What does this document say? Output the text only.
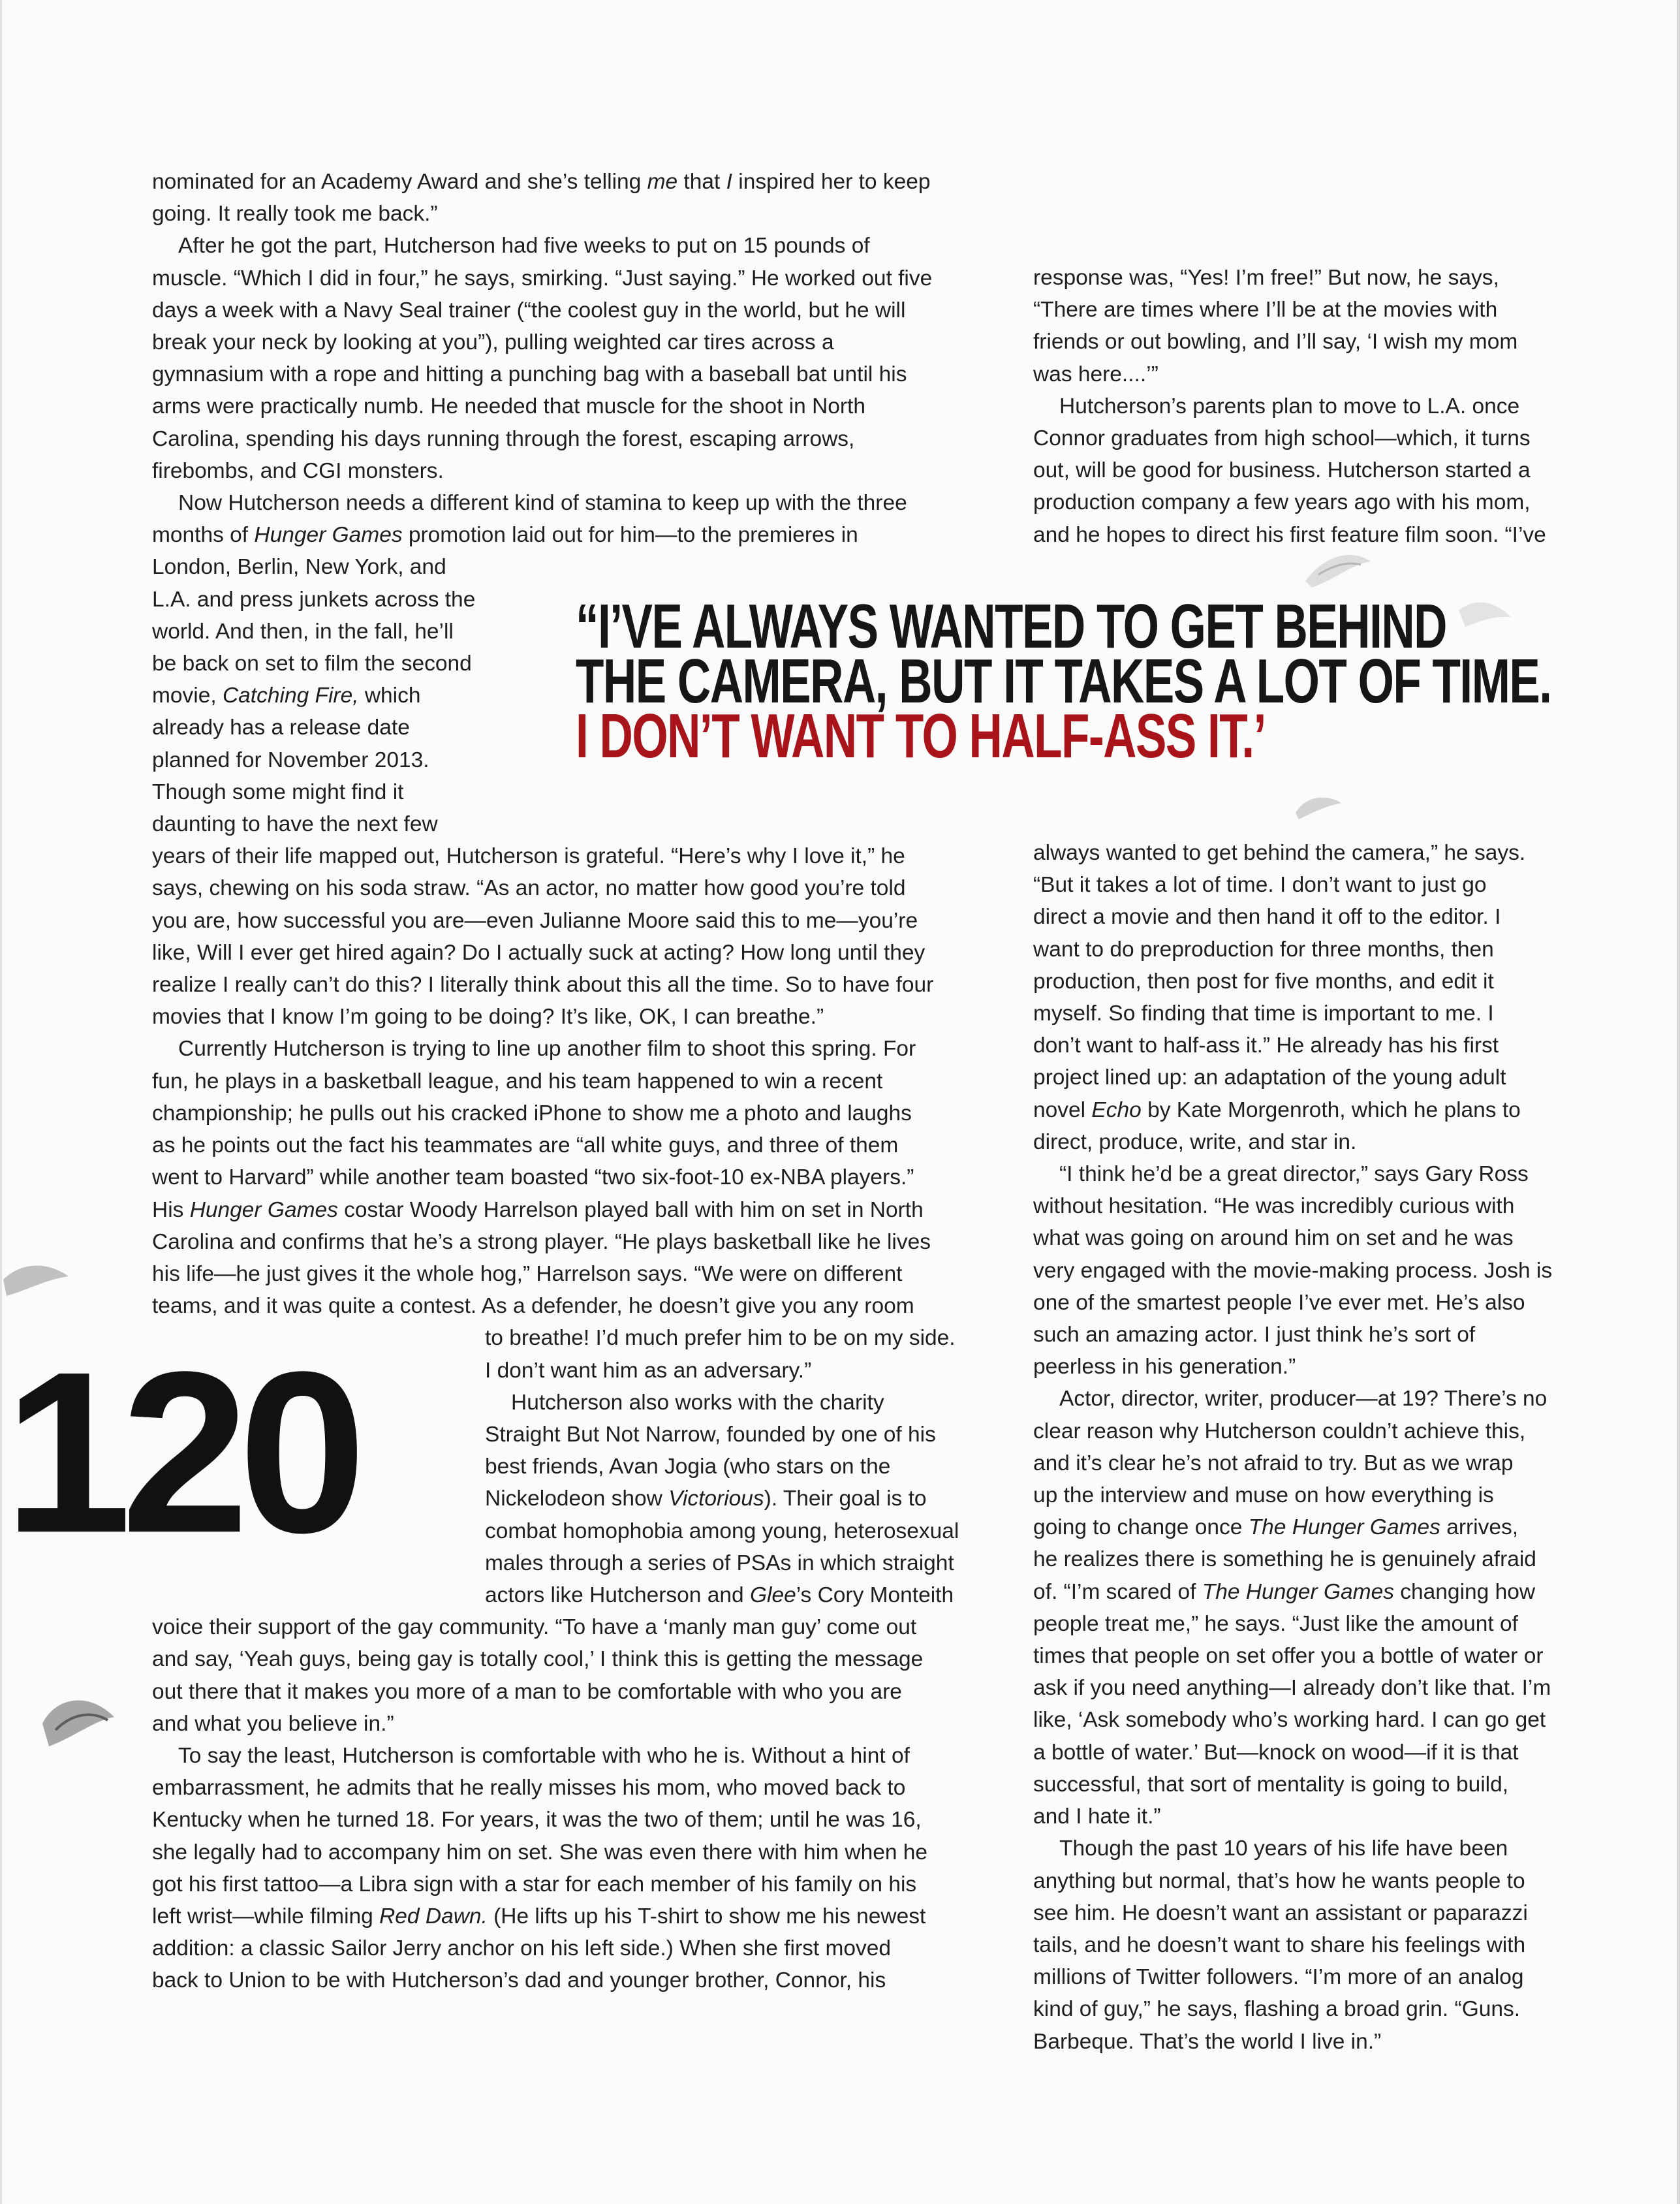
nominated for an Academy Award and she’s telling me that I inspired her to keep
going. It really took me back.”

After he got the part, Hutcherson had five weeks to put on 15 pounds of
muscle. “Which I did in four,” he says, smirking. “Just saying.” He worked out five
days a week with a Navy Seal trainer (“the coolest guy in the world, but he will
break your neck by looking at you”), pulling weighted car tires across a
gymnasium with a rope and hitting a punching bag with a baseball bat until his
arms were practically numb. He needed that muscle for the shoot in North
Carolina, spending his days running through the forest, escaping arrows,
firebombs, and CGI monsters.

Now Hutcherson needs a different kind of stamina to keep up with the three
months of Hunger Games promotion laid out for him—to the premieres in
London, Berlin, New York, and
L.A. and press junkets across the
world. And then, in the fall, he’ll
be back on set to film the second
movie, Catching Fire, which
already has a release date
planned for November 2013.
Though some might find it
daunting to have the next few
years of their life mapped out, Hutcherson is grateful. “Here’s why I love it,” he
says, chewing on his soda straw. “As an actor, no matter how good you’re told
you are, how successful you are—even Julianne Moore said this to me—you’re
like, Will I ever get hired again? Do I actually suck at acting? How long until they
realize I really can’t do this? I literally think about this all the time. So to have four
movies that I know I’m going to be doing? It’s like, OK, I can breathe.”

Currently Hutcherson is trying to line up another film to shoot this spring. For
fun, he plays in a basketball league, and his team happened to win a recent
championship; he pulls out his cracked iPhone to show me a photo and laughs
as he points out the fact his teammates are “all white guys, and three of them
went to Harvard” while another team boasted “two six-foot-10 ex-NBA players.”
His Hunger Games costar Woody Harrelson played ball with him on set in North
Carolina and confirms that he’s a strong player. “He plays basketball like he lives
his life—he just gives it the whole hog,” Harrelson says. “We were on different
teams, and it was quite a contest. As a defender, he doesn’t give you any room
to breathe! I’d much prefer him to be on my side.
I don’t want him as an adversary.”

Hutcherson also works with the charity
Straight But Not Narrow, founded by one of his
best friends, Avan Jogia (who stars on the
Nickelodeon show Victorious). Their goal is to
combat homophobia among young, heterosexual
males through a series of PSAs in which straight
actors like Hutcherson and Glee’s Cory Monteith
voice their support of the gay community. “To have a ‘manly man guy’ come out
and say, ‘Yeah guys, being gay is totally cool,’ I think this is getting the message
out there that it makes you more of a man to be comfortable with who you are
and what you believe in.”

To say the least, Hutcherson is comfortable with who he is. Without a hint of
embarrassment, he admits that he really misses his mom, who moved back to
Kentucky when he turned 18. For years, it was the two of them; until he was 16,
she legally had to accompany him on set. She was even there with him when he
got his first tattoo—a Libra sign with a star for each member of his family on his
left wrist—while filming Red Dawn. (He lifts up his T-shirt to show me his newest
addition: a classic Sailor Jerry anchor on his left side.) When she first moved
back to Union to be with Hutcherson’s dad and younger brother, Connor, his

response was, “Yes! I’m free!” But now, he says,
“There are times where I’ll be at the movies with
friends or out bowling, and I’ll say, ‘I wish my mom
was here....’”

Hutcherson’s parents plan to move to L.A. once
Connor graduates from high school—which, it turns
out, will be good for business. Hutcherson started a
production company a few years ago with his mom,
and he hopes to direct his first feature film soon. “I’ve

“I’VE ALWAYS WANTED TO GET BEHIND
THE CAMERA, BUT IT TAKES A LOT OF TIME.
I DON’T WANT TO HALF-ASS IT.’

always wanted to get behind the camera,” he says.
“But it takes a lot of time. I don’t want to just go
direct a movie and then hand it off to the editor. I
want to do preproduction for three months, then
production, then post for five months, and edit it
myself. So finding that time is important to me. I
don’t want to half-ass it.” He already has his first
project lined up: an adaptation of the young adult
novel Echo by Kate Morgenroth, which he plans to
direct, produce, write, and star in.

“I think he’d be a great director,” says Gary Ross
without hesitation. “He was incredibly curious with
what was going on around him on set and he was
very engaged with the movie-making process. Josh is
one of the smartest people I’ve ever met. He’s also
such an amazing actor. I just think he’s sort of
peerless in his generation.”

Actor, director, writer, producer—at 19? There’s no
clear reason why Hutcherson couldn’t achieve this,
and it’s clear he’s not afraid to try. But as we wrap
up the interview and muse on how everything is
going to change once The Hunger Games arrives,
he realizes there is something he is genuinely afraid
of. “I’m scared of The Hunger Games changing how
people treat me,” he says. “Just like the amount of
times that people on set offer you a bottle of water or
ask if you need anything—I already don’t like that. I’m
like, ‘Ask somebody who’s working hard. I can go get
a bottle of water.’ But—knock on wood—if it is that
successful, that sort of mentality is going to build,
and I hate it.”

Though the past 10 years of his life have been
anything but normal, that’s how he wants people to
see him. He doesn’t want an assistant or paparazzi
tails, and he doesn’t want to share his feelings with
millions of Twitter followers. “I’m more of an analog
kind of guy,” he says, flashing a broad grin. “Guns.
Barbeque. That’s the world I live in.”

120
